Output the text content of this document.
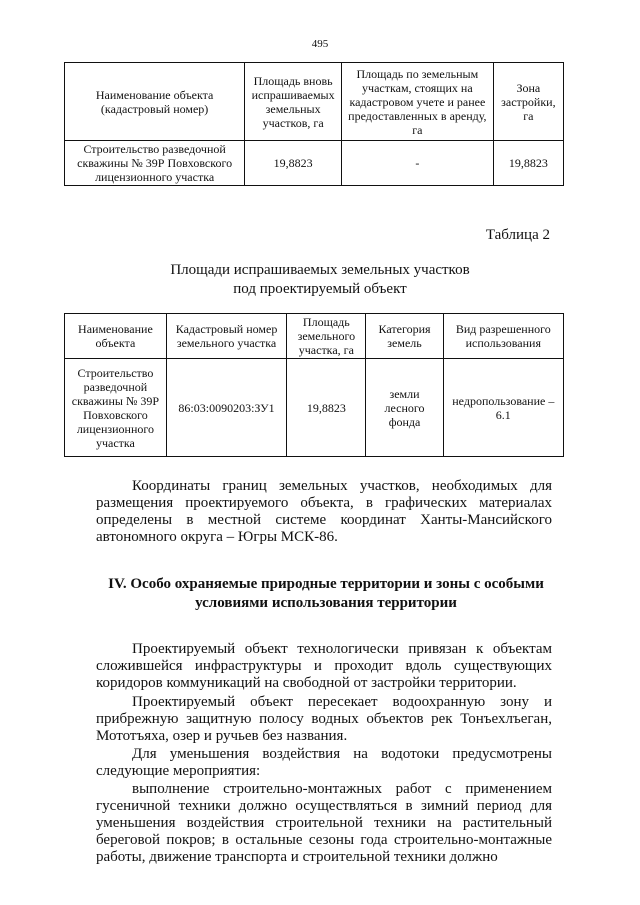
495
Наименование объекта (кадастровый номер)	Площадь вновь испрашиваемых земельных участков, га	Площадь по земельным участкам, стоящих на кадастровом учете и ранее предоставленных в аренду, га	Зона застройки, га
Строительство разведочной скважины № 39Р Повховского лицензионного участка	19,8823	-	19,8823
Таблица 2
Площади испрашиваемых земельных участков
под проектируемый объект
Наименование объекта	Кадастровый номер земельного участка	Площадь земельного участка, га	Категория земель	Вид разрешенного использования
Строительство разведочной скважины № 39Р Повховского лицензионного участка	86:03:0090203:ЗУ1	19,8823	земли лесного фонда	недропользование – 6.1

Координаты границ земельных участков, необходимых для размещения проектируемого объекта, в графических материалах определены в местной системе координат Ханты-Мансийского автономного округа – Югры МСК-86.

IV. Особо охраняемые природные территории и зоны с особыми условиями использования территории

Проектируемый объект технологически привязан к объектам сложившейся инфраструктуры и проходит вдоль существующих коридоров коммуникаций на свободной от застройки территории.

Проектируемый объект пересекает водоохранную зону и прибрежную защитную полосу водных объектов рек Тонъехлъеган, Мототъяха, озер и ручьев без названия.

Для уменьшения воздействия на водотоки предусмотрены следующие мероприятия:

выполнение строительно-монтажных работ с применением гусеничной техники должно осуществляться в зимний период для уменьшения воздействия строительной техники на растительный береговой покров; в остальные сезоны года строительно-монтажные работы, движение транспорта и строительной техники должно
